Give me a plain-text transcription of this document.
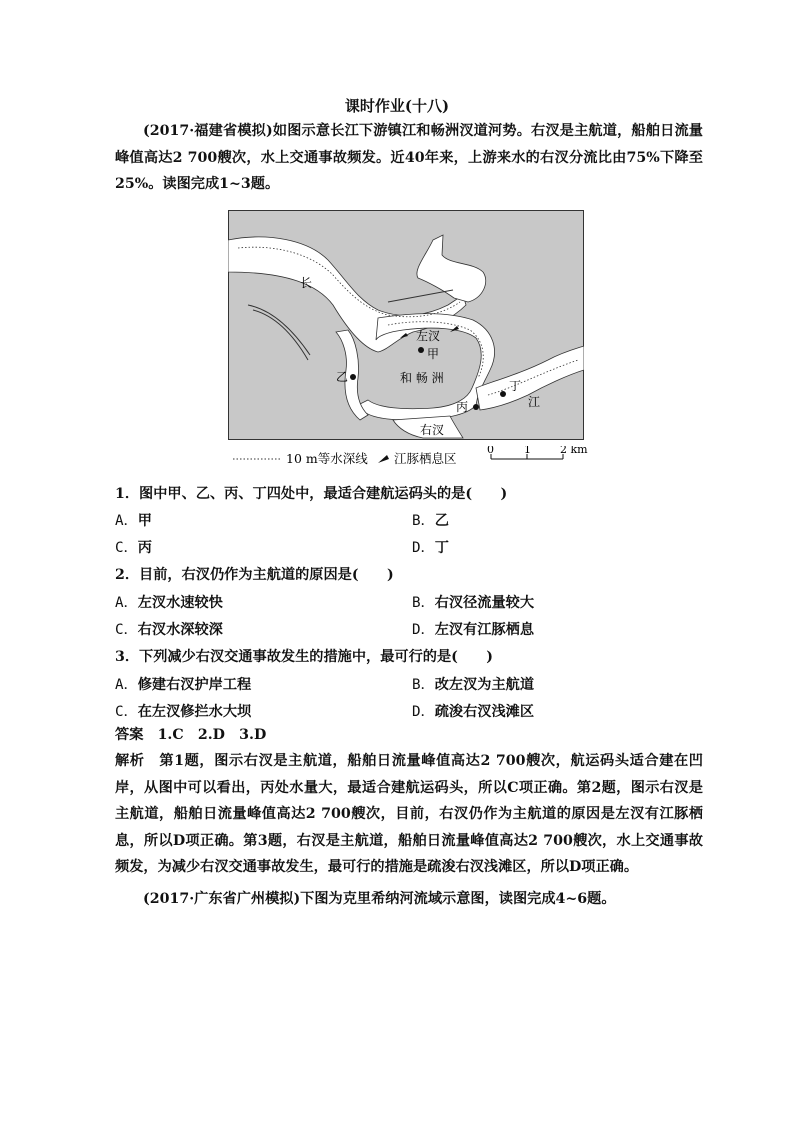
课时作业(十八)
(2017·福建省模拟)如图示意长江下游镇江和畅洲汊道河势。右汊是主航道，船舶日流量峰值高达2 700艘次，水上交通事故频发。近40年来，上游来水的右汊分流比由75%下降至25%。读图完成1~3题。
长
江
左汊
右汊
甲
乙
丙
丁
和 畅 洲
10 m等水深线 江豚栖息区
0	1	2 km
1．图中甲、乙、丙、丁四处中，最适合建航运码头的是(　　)
A．甲	B．乙
C．丙	D．丁
2．目前，右汊仍作为主航道的原因是(　　)
A．左汊水速较快	B．右汊径流量较大
C．右汊水深较深	D．左汊有江豚栖息
3．下列减少右汊交通事故发生的措施中，最可行的是(　　)
A．修建右汊护岸工程	B．改左汊为主航道
C．在左汊修拦水大坝	D．疏浚右汊浅滩区
答案　1.C　2.D　3.D
解析　第1题，图示右汊是主航道，船舶日流量峰值高达2 700艘次，航运码头适合建在凹岸，从图中可以看出，丙处水量大，最适合建航运码头，所以C项正确。第2题，图示右汊是主航道，船舶日流量峰值高达2 700艘次，目前，右汊仍作为主航道的原因是左汊有江豚栖息，所以D项正确。第3题，右汊是主航道，船舶日流量峰值高达2 700艘次，水上交通事故频发，为减少右汊交通事故发生，最可行的措施是疏浚右汊浅滩区，所以D项正确。
(2017·广东省广州模拟)下图为克里希纳河流域示意图，读图完成4~6题。
